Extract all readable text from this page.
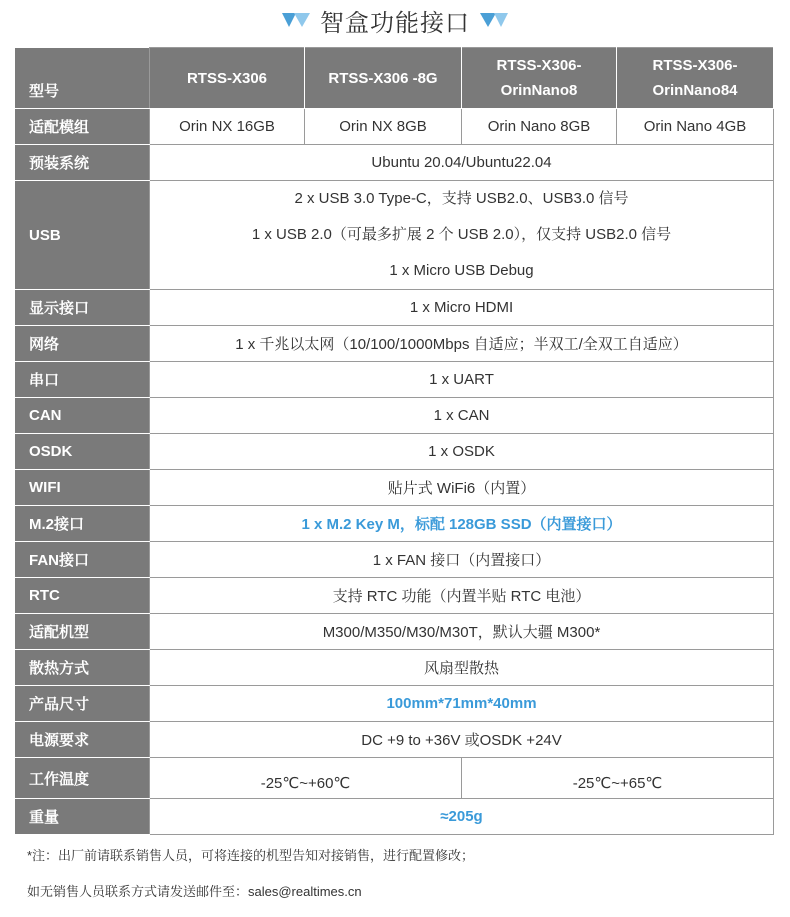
智盒功能接口
型号	RTSS-X306	RTSS-X306 -8G	RTSS-X306-OrinNano8	RTSS-X306-OrinNano84
适配模组	Orin NX 16GB	Orin NX 8GB	Orin Nano 8GB	Orin Nano 4GB
预装系统	Ubuntu 20.04/Ubuntu22.04			
USB	2 x USB 3.0 Type-C，支持 USB2.0、USB3.0 信号
1 x USB 2.0（可最多扩展 2 个 USB 2.0），仅支持 USB2.0 信号
1 x Micro USB Debug			

显示接口	1 x Micro HDMI			
网络	1 x 千兆以太网（10/100/1000Mbps 自适应；半双工/全双工自适应）			
串口	1 x UART			
CAN	1 x CAN			
OSDK	1 x OSDK			
WIFI	贴片式 WiFi6（内置）			
M.2接口	1 x M.2 Key M，标配 128GB SSD（内置接口）			
FAN接口	1 x FAN 接口（内置接口）			
RTC	支持 RTC 功能（内置半贴 RTC 电池）			
适配机型	M300/M350/M30/M30T，默认大疆 M300*			
散热方式	风扇型散热			
产品尺寸	100mm*71mm*40mm			
电源要求	DC +9 to +36V 或OSDK +24V			
工作温度	-25℃~+60℃		-25℃~+65℃	
重量	≈205g			
*注：出厂前请联系销售人员，可将连接的机型告知对接销售，进行配置修改；
如无销售人员联系方式请发送邮件至：sales@realtimes.cn
